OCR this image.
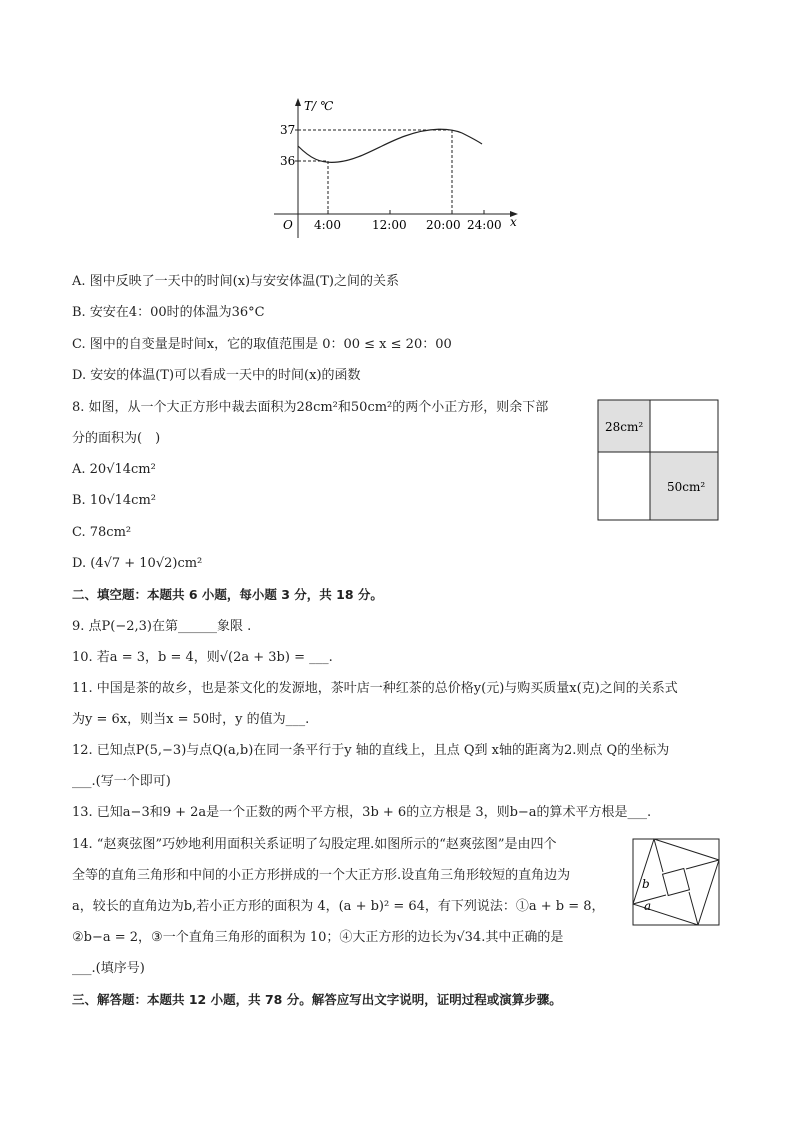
T/ ℃
x
O
37
36
4:00	12:00 20:00 24:00
A. 图中反映了一天中的时间(x)与安安体温(T)之间的关系
B. 安安在4：00时的体温为36°C
C. 图中的自变量是时间x，它的取值范围是 0：00 ≤ x ≤ 20：00
D. 安安的体温(T)可以看成一天中的时间(x)的函数
8. 如图，从一个大正方形中裁去面积为28cm²和50cm²的两个小正方形，则余下部
分的面积为(　)
A. 20√14cm²
B. 10√14cm²
C. 78cm²
D. (4√7 + 10√2)cm²
28cm²
50cm²
二、填空题：本题共 6 小题，每小题 3 分，共 18 分。
9. 点P(−2,3)在第______象限 .
10. 若a = 3，b = 4，则√(2a + 3b) = ___.
11. 中国是茶的故乡，也是茶文化的发源地，茶叶店一种红茶的总价格y(元)与购买质量x(克)之间的关系式
为y = 6x，则当x = 50时，y 的值为___.
12. 已知点P(5,−3)与点Q(a,b)在同一条平行于y 轴的直线上，且点 Q到 x轴的距离为2.则点 Q的坐标为
___.(写一个即可)
13. 已知a−3和9 + 2a是一个正数的两个平方根，3b + 6的立方根是 3，则b−a的算术平方根是___.
14. “赵爽弦图”巧妙地利用面积关系证明了勾股定理.如图所示的“赵爽弦图”是由四个
全等的直角三角形和中间的小正方形拼成的一个大正方形.设直角三角形较短的直角边为
a，较长的直角边为b,若小正方形的面积为 4，(a + b)² = 64，有下列说法：①a + b = 8，
②b−a = 2，③一个直角三角形的面积为 10；④大正方形的边长为√34.其中正确的是
___.(填序号)
b
a
三、解答题：本题共 12 小题，共 78 分。解答应写出文字说明，证明过程或演算步骤。
